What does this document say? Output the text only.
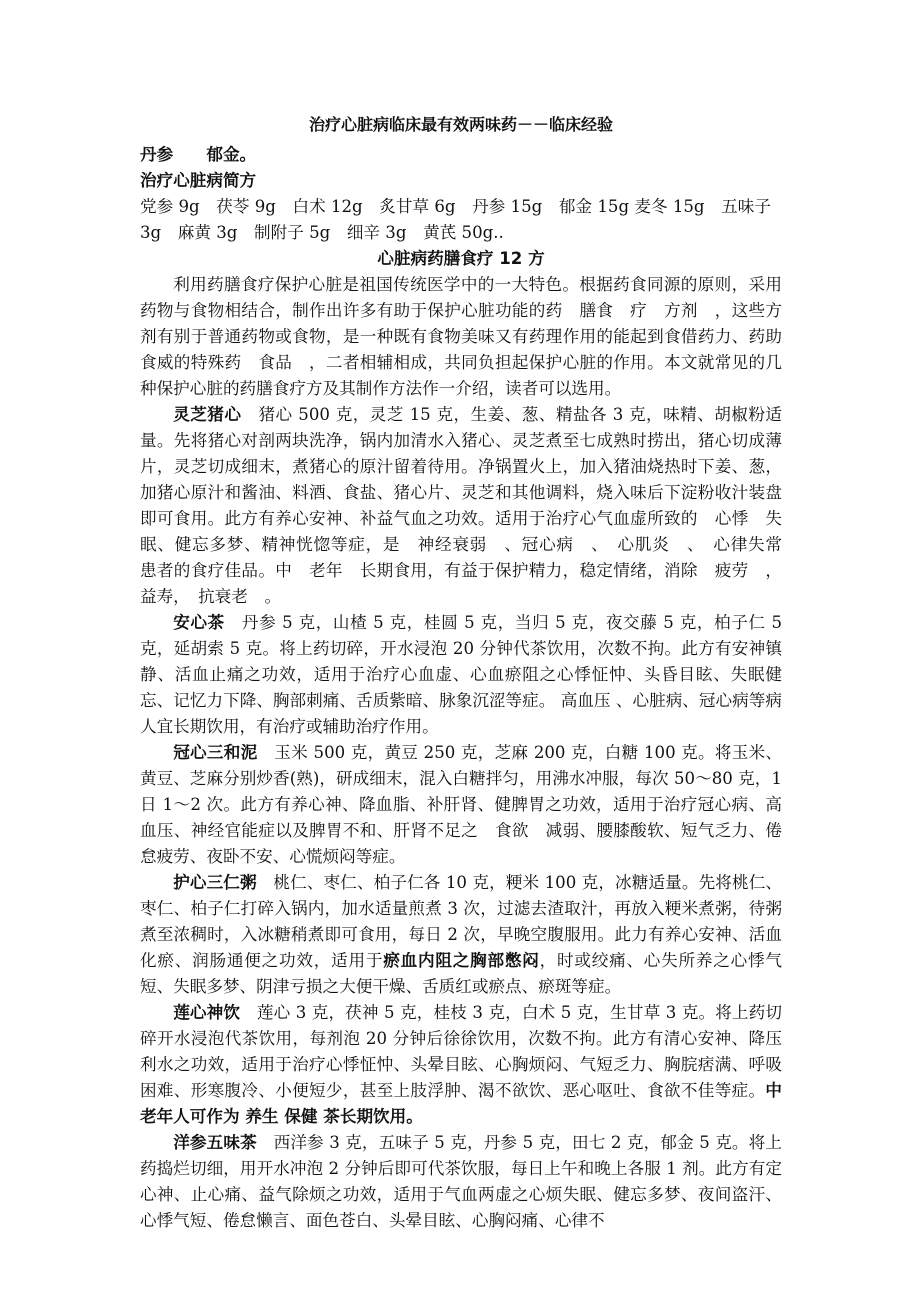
治疗心脏病临床最有效两味药－－临床经验

丹参　　郁金。

治疗心脏病简方

党参 9g　茯苓 9g　白术 12g　炙甘草 6g　丹参 15g　郁金 15g 麦冬 15g　五味子 3g　麻黄 3g　制附子 5g　细辛 3g　黄芪 50g..

心脏病药膳食疗 12 方

利用药膳食疗保护心脏是祖国传统医学中的一大特色。根据药食同源的原则，采用药物与食物相结合，制作出许多有助于保护心脏功能的药　膳食　疗　方剂　，这些方剂有别于普通药物或食物，是一种既有食物美味又有药理作用的能起到食借药力、药助食威的特殊药　食品　，二者相辅相成，共同负担起保护心脏的作用。本文就常见的几种保护心脏的药膳食疗方及其制作方法作一介绍，读者可以选用。

灵芝猪心　猪心 500 克，灵芝 15 克，生姜、葱、精盐各 3 克，味精、胡椒粉适量。先将猪心对剖两块洗净，锅内加清水入猪心、灵芝煮至七成熟时捞出，猪心切成薄片，灵芝切成细末，煮猪心的原汁留着待用。净锅置火上，加入猪油烧热时下姜、葱，加猪心原汁和酱油、料酒、食盐、猪心片、灵芝和其他调料，烧入味后下淀粉收汁装盘即可食用。此方有养心安神、补益气血之功效。适用于治疗心气血虚所致的　心悸　失眠、健忘多梦、精神恍惚等症，是　神经衰弱　、冠心病　、　心肌炎　、　心律失常　患者的食疗佳品。中　老年　长期食用，有益于保护精力，稳定情绪，消除　疲劳　，益寿，　抗衰老　。

安心茶　丹参 5 克，山楂 5 克，桂圆 5 克，当归 5 克，夜交藤 5 克，柏子仁 5 克，延胡索 5 克。将上药切碎，开水浸泡 20 分钟代茶饮用，次数不拘。此方有安神镇静、活血止痛之功效，适用于治疗心血虚、心血瘀阻之心悸怔忡、头昏目眩、失眠健忘、记忆力下降、胸部刺痛、舌质紫暗、脉象沉涩等症。 高血压 、心脏病、冠心病等病人宜长期饮用，有治疗或辅助治疗作用。

冠心三和泥　玉米 500 克，黄豆 250 克，芝麻 200 克，白糖 100 克。将玉米、黄豆、芝麻分别炒香(熟)，研成细末，混入白糖拌匀，用沸水冲服，每次 50～80 克，1 日 1～2 次。此方有养心神、降血脂、补肝肾、健脾胃之功效，适用于治疗冠心病、高血压、神经官能症以及脾胃不和、肝肾不足之　食欲　减弱、腰膝酸软、短气乏力、倦怠疲劳、夜卧不安、心慌烦闷等症。

护心三仁粥　桃仁、枣仁、柏子仁各 10 克，粳米 100 克，冰糖适量。先将桃仁、枣仁、柏子仁打碎入锅内，加水适量煎煮 3 次，过滤去渣取汁，再放入粳米煮粥，待粥煮至浓稠时，入冰糖稍煮即可食用，每日 2 次，早晚空腹服用。此力有养心安神、活血化瘀、润肠通便之功效，适用于瘀血内阻之胸部憋闷，时或绞痛、心失所养之心悸气短、失眠多梦、阴津亏损之大便干燥、舌质红或瘀点、瘀斑等症。

莲心神饮　莲心 3 克，茯神 5 克，桂枝 3 克，白术 5 克，生甘草 3 克。将上药切碎开水浸泡代茶饮用，每剂泡 20 分钟后徐徐饮用，次数不拘。此方有清心安神、降压利水之功效，适用于治疗心悸怔忡、头晕目眩、心胸烦闷、气短乏力、胸脘痞满、呼吸困难、形寒腹冷、小便短少，甚至上肢浮肿、渴不欲饮、恶心呕吐、食欲不佳等症。中老年人可作为 养生 保健 茶长期饮用。

洋参五味茶　西洋参 3 克，五味子 5 克，丹参 5 克，田七 2 克，郁金 5 克。将上药捣烂切细，用开水冲泡 2 分钟后即可代茶饮服，每日上午和晚上各服 1 剂。此方有定心神、止心痛、益气除烦之功效，适用于气血两虚之心烦失眠、健忘多梦、夜间盗汗、心悸气短、倦怠懒言、面色苍白、头晕目眩、心胸闷痛、心律不
